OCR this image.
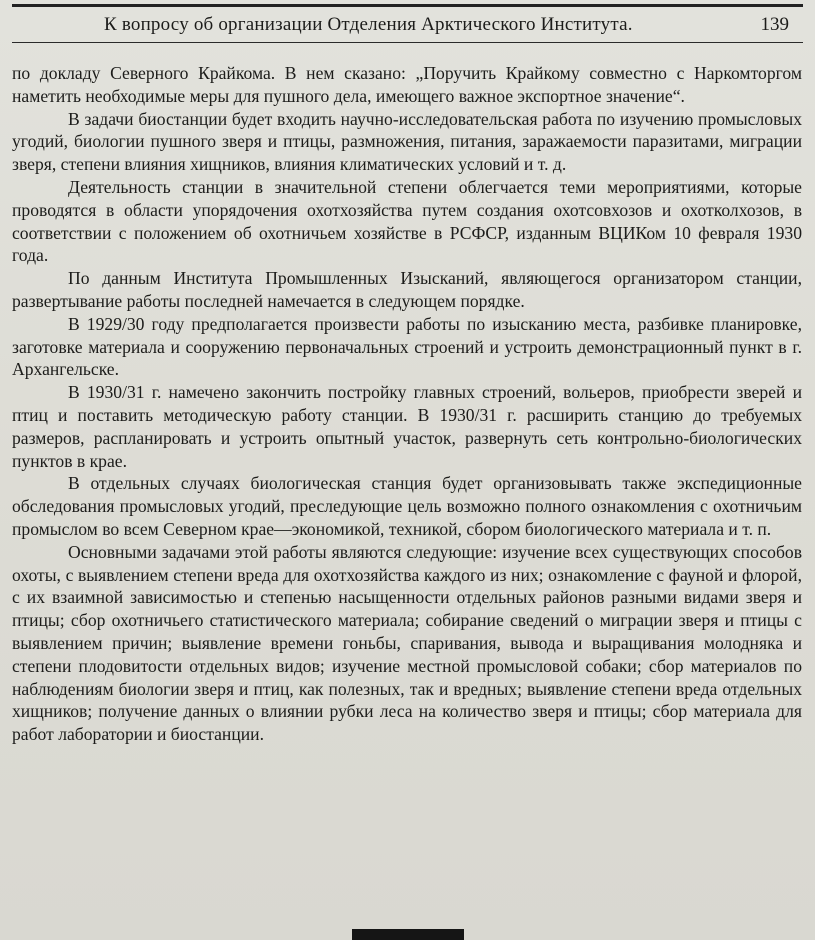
К вопросу об организации Отделения Арктического Института.	139

по докладу Северного Крайкома. В нем сказано: „Поручить Крайкому совместно с Наркомторгом наметить необходимые меры для пушного дела, имеющего важное экспортное значение“.

В задачи биостанции будет входить научно-исследовательская работа по изучению промысловых угодий, биологии пушного зверя и птицы, размножения, питания, заражаемости паразитами, миграции зверя, степени влияния хищников, влияния климатических условий и т. д.

Деятельность станции в значительной степени облегчается теми мероприятиями, которые проводятся в области упорядочения охотхозяйства путем создания охотсовхозов и охотколхозов, в соответствии с положением об охотничьем хозяйстве в РСФСР, изданным ВЦИКом 10 февраля 1930 года.

По данным Института Промышленных Изысканий, являющегося организатором станции, развертывание работы последней намечается в следующем порядке.

В 1929/30 году предполагается произвести работы по изысканию места, разбивке планировке, заготовке материала и сооружению первоначальных строений и устроить демонстрационный пункт в г. Архангельске.

В 1930/31 г. намечено закончить постройку главных строений, вольеров, приобрести зверей и птиц и поставить методическую работу станции. В 1930/31 г. расширить станцию до требуемых размеров, распланировать и устроить опытный участок, развернуть сеть контрольно-биологических пунктов в крае.

В отдельных случаях биологическая станция будет организовывать также экспедиционные обследования промысловых угодий, преследующие цель возможно полного ознакомления с охотничьим промыслом во всем Северном крае—экономикой, техникой, сбором биологического материала и т. п.

Основными задачами этой работы являются следующие: изучение всех существующих способов охоты, с выявлением степени вреда для охотхозяйства каждого из них; ознакомление с фауной и флорой, с их взаимной зависимостью и степенью насыщенности отдельных районов разными видами зверя и птицы; сбор охотничьего статистического материала; собирание сведений о миграции зверя и птицы с выявлением причин; выявление времени гоньбы, спаривания, вывода и выращивания молодняка и степени плодовитости отдельных видов; изучение местной промысловой собаки; сбор материалов по наблюдениям биологии зверя и птиц, как полезных, так и вредных; выявление степени вреда отдельных хищников; получение данных о влиянии рубки леса на количество зверя и птицы; сбор материала для работ лаборатории и биостанции.
